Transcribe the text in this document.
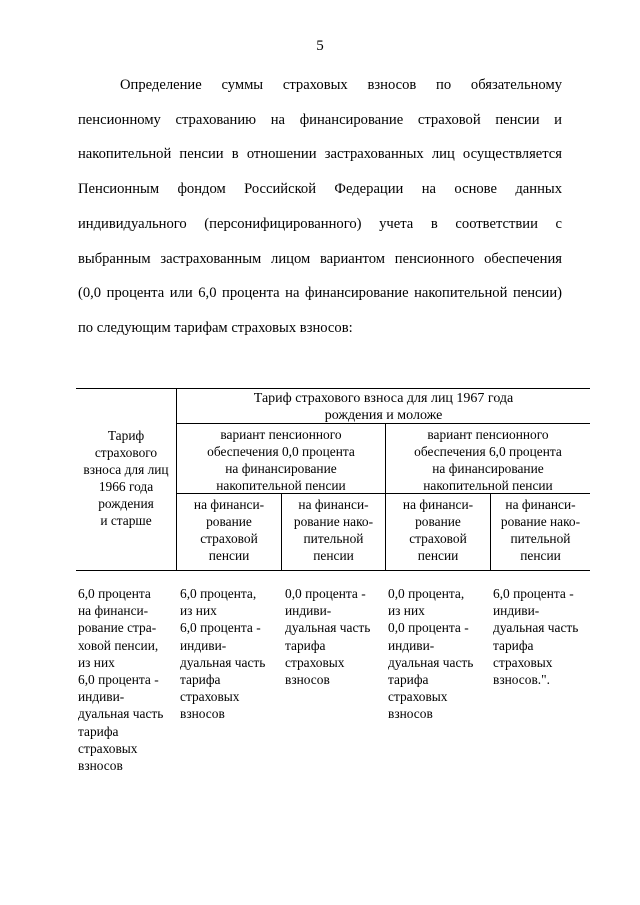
5

Определение суммы страховых взносов по обязательному
пенсионному страхованию на финансирование страховой пенсии и
накопительной пенсии в отношении застрахованных лиц осуществляется
Пенсионным фондом Российской Федерации на основе данных
индивидуального (персонифицированного) учета в соответствии с
выбранным застрахованным лицом вариантом пенсионного обеспечения
(0,0 процента или 6,0 процента на финансирование накопительной пенсии)
по следующим тарифам страховых взносов:

Тариф
страхового
взноса для лиц
1966 года
рождения
и старше
Тариф страхового взноса для лиц 1967 года
рождения и моложе
вариант пенсионного
обеспечения 0,0 процента
на финансирование
накопительной пенсии
вариант пенсионного
обеспечения 6,0 процента
на финансирование
накопительной пенсии
на финанси-
рование
страховой
пенсии
на финанси-
рование нако-
пительной
пенсии
на финанси-
рование
страховой
пенсии
на финанси-
рование нако-
пительной
пенсии
6,0 процента
на финанси-
рование стра-
ховой пенсии,
из них
6,0 процента -
индиви-
дуальная часть
тарифа
страховых
взносов
6,0 процента,
из них
6,0 процента -
индиви-
дуальная часть
тарифа
страховых
взносов
0,0 процента -
индиви-
дуальная часть
тарифа
страховых
взносов
0,0 процента,
из них
0,0 процента -
индиви-
дуальная часть
тарифа
страховых
взносов
6,0 процента -
индиви-
дуальная часть
тарифа
страховых
взносов.".
